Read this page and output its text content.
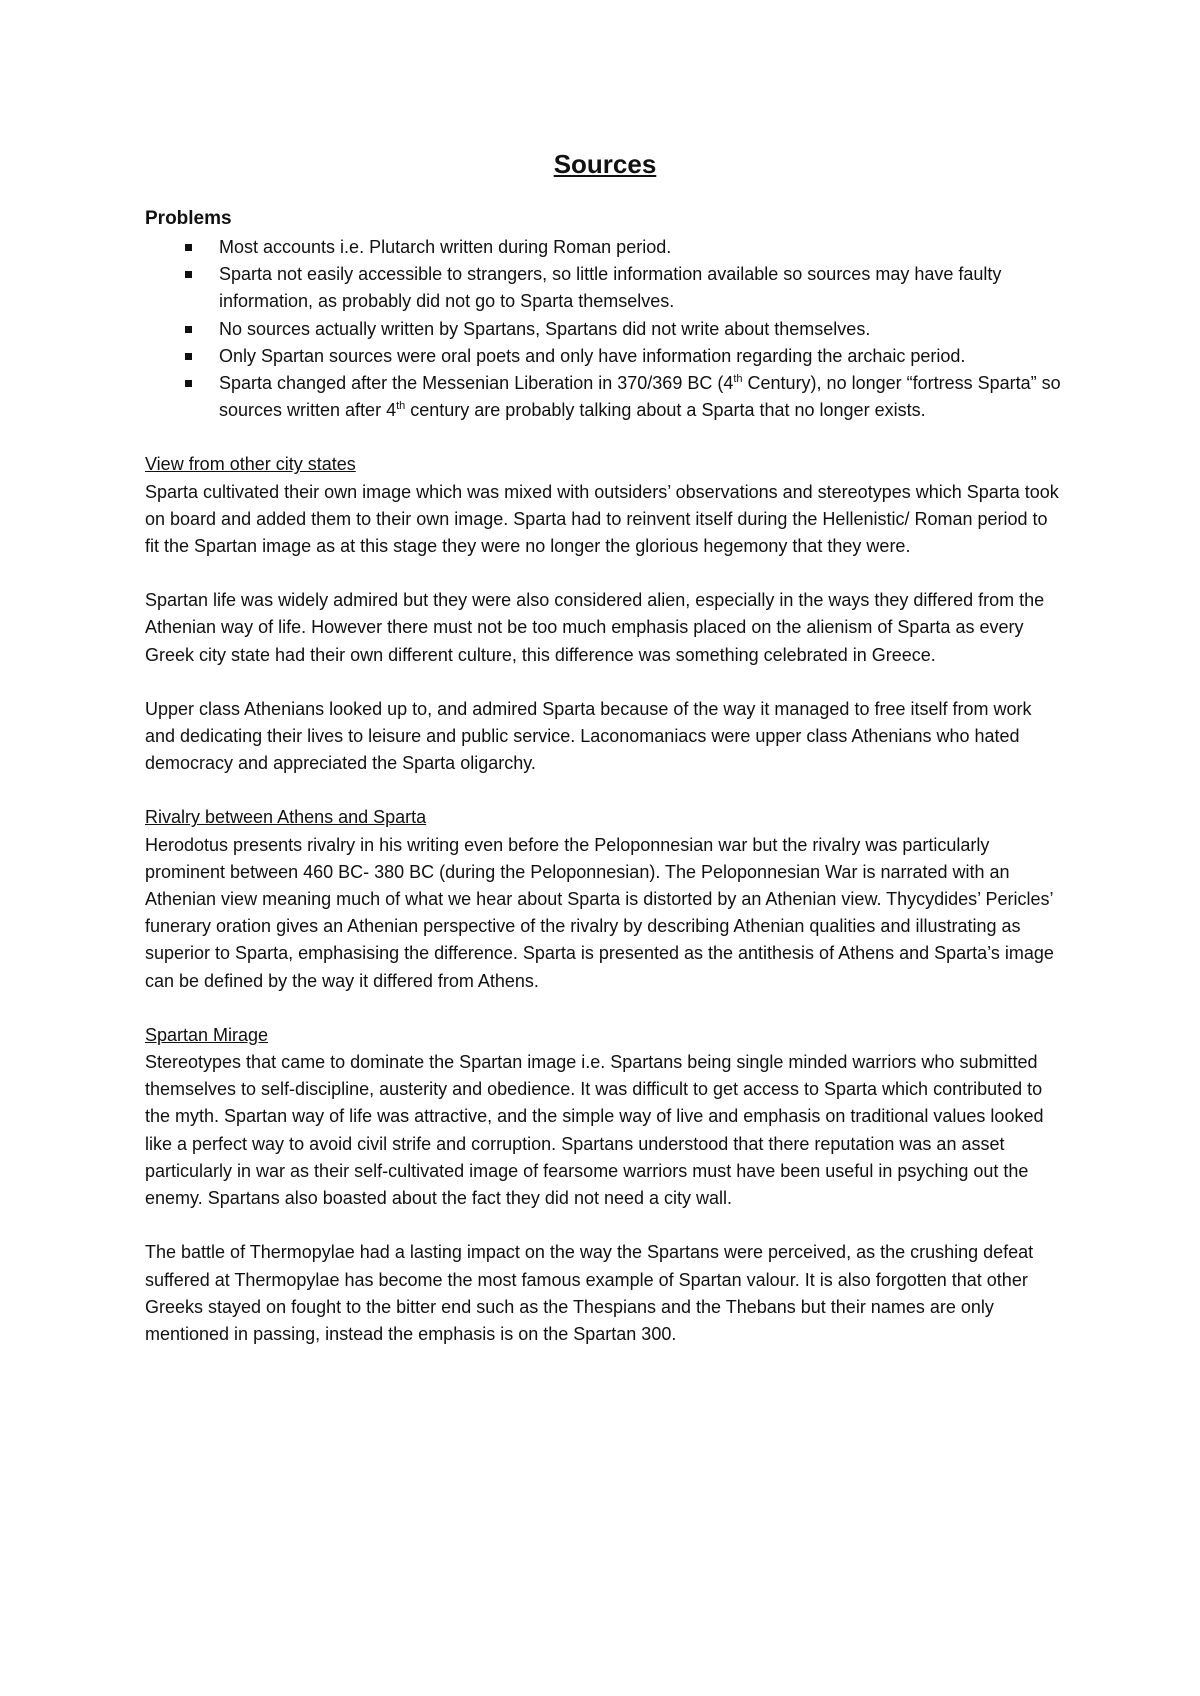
Sources
Problems
Most accounts i.e. Plutarch written during Roman period.
Sparta not easily accessible to strangers, so little information available so sources may have faulty information, as probably did not go to Sparta themselves.
No sources actually written by Spartans, Spartans did not write about themselves.
Only Spartan sources were oral poets and only have information regarding the archaic period.
Sparta changed after the Messenian Liberation in 370/369 BC (4th Century), no longer “fortress Sparta” so sources written after 4th century are probably talking about a Sparta that no longer exists.
View from other city states

Sparta cultivated their own image which was mixed with outsiders’ observations and stereotypes which Sparta took on board and added them to their own image. Sparta had to reinvent itself during the Hellenistic/ Roman period to fit the Spartan image as at this stage they were no longer the glorious hegemony that they were.

Spartan life was widely admired but they were also considered alien, especially in the ways they differed from the Athenian way of life. However there must not be too much emphasis placed on the alienism of Sparta as every Greek city state had their own different culture, this difference was something celebrated in Greece.

Upper class Athenians looked up to, and admired Sparta because of the way it managed to free itself from work and dedicating their lives to leisure and public service. Laconomaniacs were upper class Athenians who hated democracy and appreciated the Sparta oligarchy.

Rivalry between Athens and Sparta

Herodotus presents rivalry in his writing even before the Peloponnesian war but the rivalry was particularly prominent between 460 BC- 380 BC (during the Peloponnesian). The Peloponnesian War is narrated with an Athenian view meaning much of what we hear about Sparta is distorted by an Athenian view. Thycydides’ Pericles’ funerary oration gives an Athenian perspective of the rivalry by describing Athenian qualities and illustrating as superior to Sparta, emphasising the difference. Sparta is presented as the antithesis of Athens and Sparta’s image can be defined by the way it differed from Athens.

Spartan Mirage

Stereotypes that came to dominate the Spartan image i.e. Spartans being single minded warriors who submitted themselves to self-discipline, austerity and obedience. It was difficult to get access to Sparta which contributed to the myth. Spartan way of life was attractive, and the simple way of live and emphasis on traditional values looked like a perfect way to avoid civil strife and corruption. Spartans understood that there reputation was an asset particularly in war as their self-cultivated image of fearsome warriors must have been useful in psyching out the enemy. Spartans also boasted about the fact they did not need a city wall.

The battle of Thermopylae had a lasting impact on the way the Spartans were perceived, as the crushing defeat suffered at Thermopylae has become the most famous example of Spartan valour. It is also forgotten that other Greeks stayed on fought to the bitter end such as the Thespians and the Thebans but their names are only mentioned in passing, instead the emphasis is on the Spartan 300.
